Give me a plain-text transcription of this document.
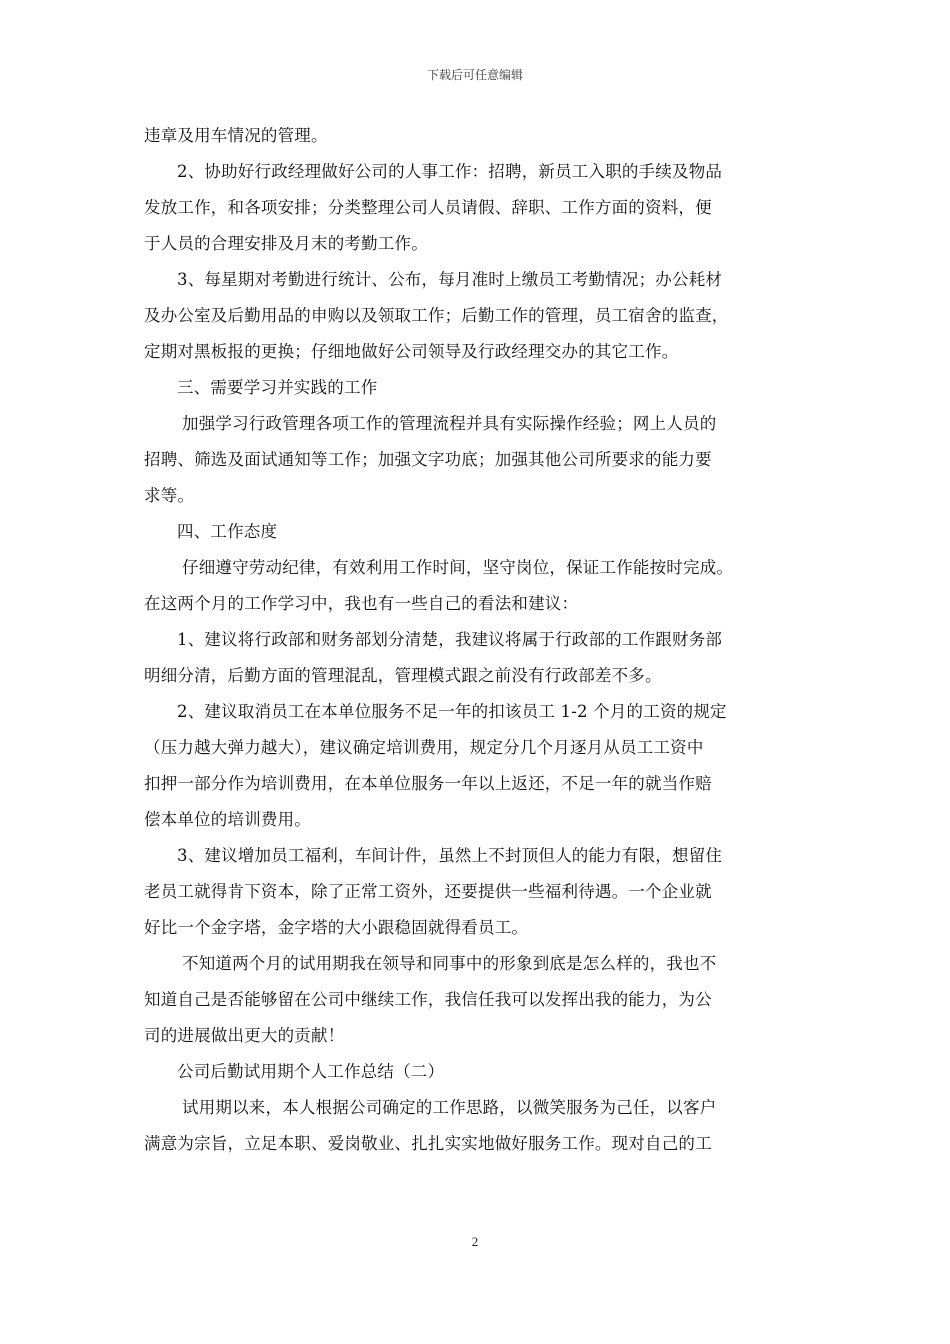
下载后可任意编辑
违章及用车情况的管理。
2、协助好行政经理做好公司的人事工作：招聘，新员工入职的手续及物品
发放工作，和各项安排；分类整理公司人员请假、辞职、工作方面的资料，便
于人员的合理安排及月末的考勤工作。
3、每星期对考勤进行统计、公布，每月准时上缴员工考勤情况；办公耗材
及办公室及后勤用品的申购以及领取工作；后勤工作的管理，员工宿舍的监查，
定期对黑板报的更换；仔细地做好公司领导及行政经理交办的其它工作。
三、需要学习并实践的工作
加强学习行政管理各项工作的管理流程并具有实际操作经验；网上人员的
招聘、筛选及面试通知等工作；加强文字功底；加强其他公司所要求的能力要
求等。
四、工作态度
仔细遵守劳动纪律，有效利用工作时间，坚守岗位，保证工作能按时完成。
在这两个月的工作学习中，我也有一些自己的看法和建议：
1、建议将行政部和财务部划分清楚，我建议将属于行政部的工作跟财务部
明细分清，后勤方面的管理混乱，管理模式跟之前没有行政部差不多。
2、建议取消员工在本单位服务不足一年的扣该员工 1-2 个月的工资的规定
（压力越大弹力越大），建议确定培训费用，规定分几个月逐月从员工工资中
扣押一部分作为培训费用，在本单位服务一年以上返还，不足一年的就当作赔
偿本单位的培训费用。
3、建议增加员工福利，车间计件，虽然上不封顶但人的能力有限，想留住
老员工就得肯下资本，除了正常工资外，还要提供一些福利待遇。一个企业就
好比一个金字塔，金字塔的大小跟稳固就得看员工。
不知道两个月的试用期我在领导和同事中的形象到底是怎么样的，我也不
知道自己是否能够留在公司中继续工作，我信任我可以发挥出我的能力，为公
司的进展做出更大的贡献！
公司后勤试用期个人工作总结（二）
试用期以来，本人根据公司确定的工作思路，以微笑服务为己任，以客户
满意为宗旨，立足本职、爱岗敬业、扎扎实实地做好服务工作。现对自己的工
2
